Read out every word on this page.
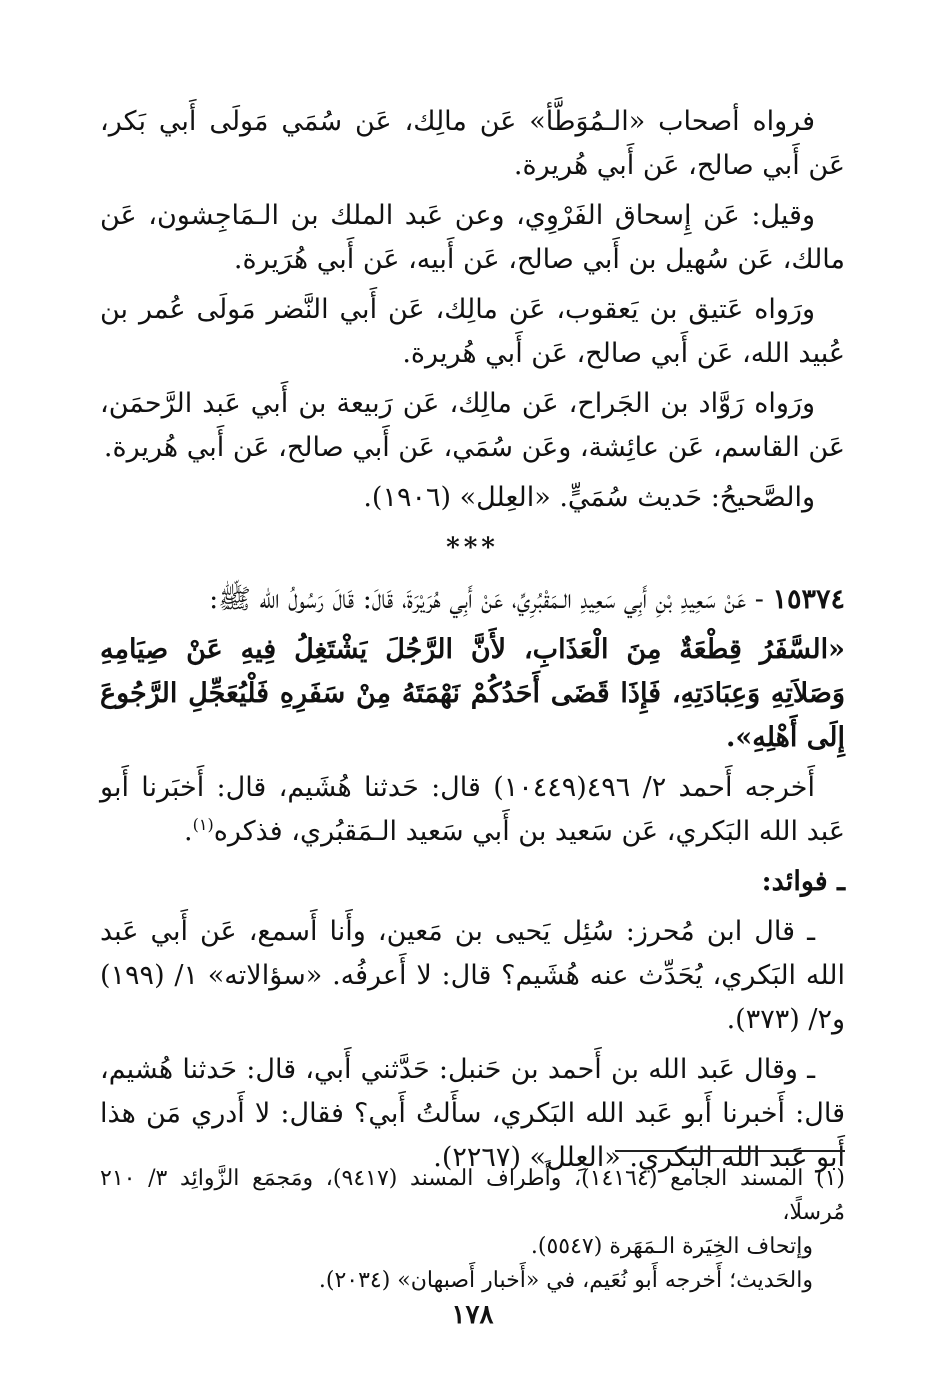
فرواه أصحاب «الـمُوَطَّأ» عَن مالِك، عَن سُمَي مَولَى أَبي بَكر، عَن أَبي صالح، عَن أَبي هُريرة.

وقيل: عَن إِسحاق الفَرْوِي، وعن عَبد الملك بن الـمَاجِشون، عَن مالك، عَن سُهيل بن أَبي صالح، عَن أَبيه، عَن أَبي هُرَيرة.

ورَواه عَتيق بن يَعقوب، عَن مالِك، عَن أَبي النَّضر مَولَى عُمر بن عُبيد الله، عَن أَبي صالح، عَن أَبي هُريرة.

ورَواه رَوَّاد بن الجَراح، عَن مالِك، عَن رَبيعة بن أَبي عَبد الرَّحمَن، عَن القاسم، عَن عائِشة، وعَن سُمَي، عَن أَبي صالح، عَن أَبي هُريرة.

والصَّحيحُ: حَديث سُمَيٍّ. «العِلل» (١٩٠٦).

***

١٥٣٧٤ - عَنْ سَعِيدِ بْنِ أَبِي سَعِيدِ الـمَقْبُرِيِّ، عَنْ أَبِي هُرَيْرَةَ، قَالَ: قَالَ رَسُولُ الله ﷺ:

«السَّفَرُ قِطْعَةٌ مِنَ الْعَذَابِ، لأَنَّ الرَّجُلَ يَشْتَغِلُ فِيهِ عَنْ صِيَامِهِ وَصَلاَتِهِ وَعِبَادَتِهِ، فَإِذَا قَضَى أَحَدُكُمْ نَهْمَتَهُ مِنْ سَفَرِهِ فَلْيُعَجِّلِ الرَّجُوعَ إِلَى أَهْلِهِ».

أَخرجه أَحمد ٢/ ٤٩٦(١٠٤٤٩) قال: حَدثنا هُشَيم، قال: أَخبَرنا أَبو عَبد الله البَكري، عَن سَعيد بن أَبي سَعيد الـمَقبُري، فذكره$^{(١)}$.

ـ فوائد:

ـ قال ابن مُحرز: سُئِل يَحيى بن مَعين، وأَنا أَسمع، عَن أَبي عَبد الله البَكري، يُحَدِّث عنه هُشَيم؟ قال: لا أَعرفُه. «سؤالاته» ١/ (١٩٩) و٢/ (٣٧٣).

ـ وقال عَبد الله بن أَحمد بن حَنبل: حَدَّثني أَبي، قال: حَدثنا هُشيم، قال: أَخبرنا أَبو عَبد الله البَكري، سأَلتُ أَبي؟ فقال: لا أَدري مَن هذا أَبو عَبد الله البَكري. «العِلل» (٢٢٦٧).

(١) المسند الجامع (١٤١٦٤)، وأَطراف المسند (٩٤١٧)، ومَجمَع الزَّوائِد ٣/ ٢١٠ مُرسلًا،

وإتحاف الخِيَرة الـمَهَرة (٥٥٤٧).

والحَديث؛ أَخرجه أَبو نُعَيم، في «أَخبار أَصبهان» (٢٠٣٤).

١٧٨
